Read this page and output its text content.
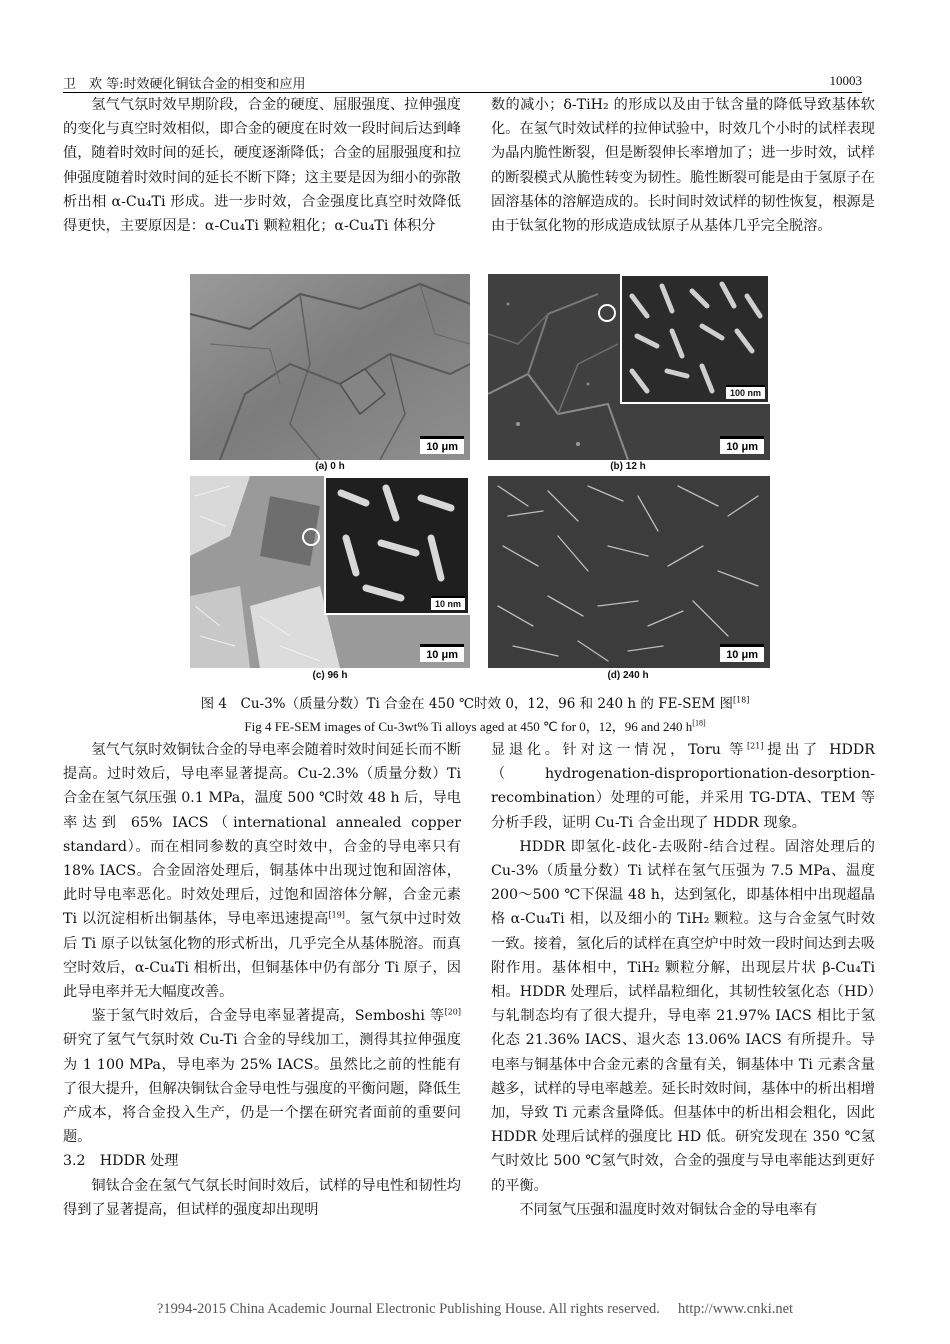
卫　欢 等:时效硬化铜钛合金的相变和应用	10003

氢气气氛时效早期阶段，合金的硬度、屈服强度、拉伸强度的变化与真空时效相似，即合金的硬度在时效一段时间后达到峰值，随着时效时间的延长，硬度逐渐降低；合金的屈服强度和拉伸强度随着时效时间的延长不断下降；这主要是因为细小的弥散析出相 α-Cu₄Ti 形成。进一步时效，合金强度比真空时效降低得更快，主要原因是：α-Cu₄Ti 颗粒粗化；α-Cu₄Ti 体积分

数的减小；δ-TiH₂ 的形成以及由于钛含量的降低导致基体软化。在氢气时效试样的拉伸试验中，时效几个小时的试样表现为晶内脆性断裂，但是断裂伸长率增加了；进一步时效，试样的断裂模式从脆性转变为韧性。脆性断裂可能是由于氢原子在固溶基体的溶解造成的。长时间时效试样的韧性恢复，根源是由于钛氢化物的形成造成钛原子从基体几乎完全脱溶。

10 μm
(a) 0 h
100 nm
10 μm
(b) 12 h
10 nm
10 μm
(c) 96 h
10 μm
(d) 240 h
图 4　Cu-3%（质量分数）Ti 合金在 450 ℃时效 0，12，96 和 240 h 的 FE-SEM 图[18]
Fig 4 FE-SEM images of Cu-3wt% Ti alloys aged at 450 ℃ for 0，12，96 and 240 h[18]

氢气气氛时效铜钛合金的导电率会随着时效时间延长而不断提高。过时效后，导电率显著提高。Cu-2.3%（质量分数）Ti 合金在氢气氛压强 0.1 MPa，温度 500 ℃时效 48 h 后，导电率达到 65% IACS（international annealed copper standard）。而在相同参数的真空时效中，合金的导电率只有 18% IACS。合金固溶处理后，铜基体中出现过饱和固溶体，此时导电率恶化。时效处理后，过饱和固溶体分解，合金元素 Ti 以沉淀相析出铜基体，导电率迅速提高[19]。氢气氛中过时效后 Ti 原子以钛氢化物的形式析出，几乎完全从基体脱溶。而真空时效后，α-Cu₄Ti 相析出，但铜基体中仍有部分 Ti 原子，因此导电率并无大幅度改善。

鉴于氢气时效后，合金导电率显著提高，Semboshi 等[20]研究了氢气气氛时效 Cu-Ti 合金的导线加工，测得其拉伸强度为 1 100 MPa，导电率为 25% IACS。虽然比之前的性能有了很大提升，但解决铜钛合金导电性与强度的平衡问题，降低生产成本，将合金投入生产，仍是一个摆在研究者面前的重要问题。

3.2　 HDDR 处理

铜钛合金在氢气气氛长时间时效后，试样的导电性和韧性均得到了显著提高，但试样的强度却出现明

显退化。针对这一情况，Toru 等[21]提出了 HDDR（hydrogenation-disproportionation-desorption-recombination）处理的可能，并采用 TG-DTA、TEM 等分析手段，证明 Cu-Ti 合金出现了 HDDR 现象。

HDDR 即氢化-歧化-去吸附-结合过程。固溶处理后的 Cu-3%（质量分数）Ti 试样在氢气压强为 7.5 MPa、温度 200～500 ℃下保温 48 h，达到氢化，即基体相中出现超晶格 α-Cu₄Ti 相，以及细小的 TiH₂ 颗粒。这与合金氢气时效一致。接着，氢化后的试样在真空炉中时效一段时间达到去吸附作用。基体相中，TiH₂ 颗粒分解，出现层片状 β-Cu₄Ti 相。HDDR 处理后，试样晶粒细化，其韧性较氢化态（HD）与轧制态均有了很大提升，导电率 21.97% IACS 相比于氢化态 21.36% IACS、退火态 13.06% IACS 有所提升。导电率与铜基体中合金元素的含量有关，铜基体中 Ti 元素含量越多，试样的导电率越差。延长时效时间，基体中的析出相增加，导致 Ti 元素含量降低。但基体中的析出相会粗化，因此 HDDR 处理后试样的强度比 HD 低。研究发现在 350 ℃氢气时效比 500 ℃氢气时效，合金的强度与导电率能达到更好的平衡。

不同氢气压强和温度时效对铜钛合金的导电率有

?1994-2015 China Academic Journal Electronic Publishing House. All rights reserved.　 http://www.cnki.net
